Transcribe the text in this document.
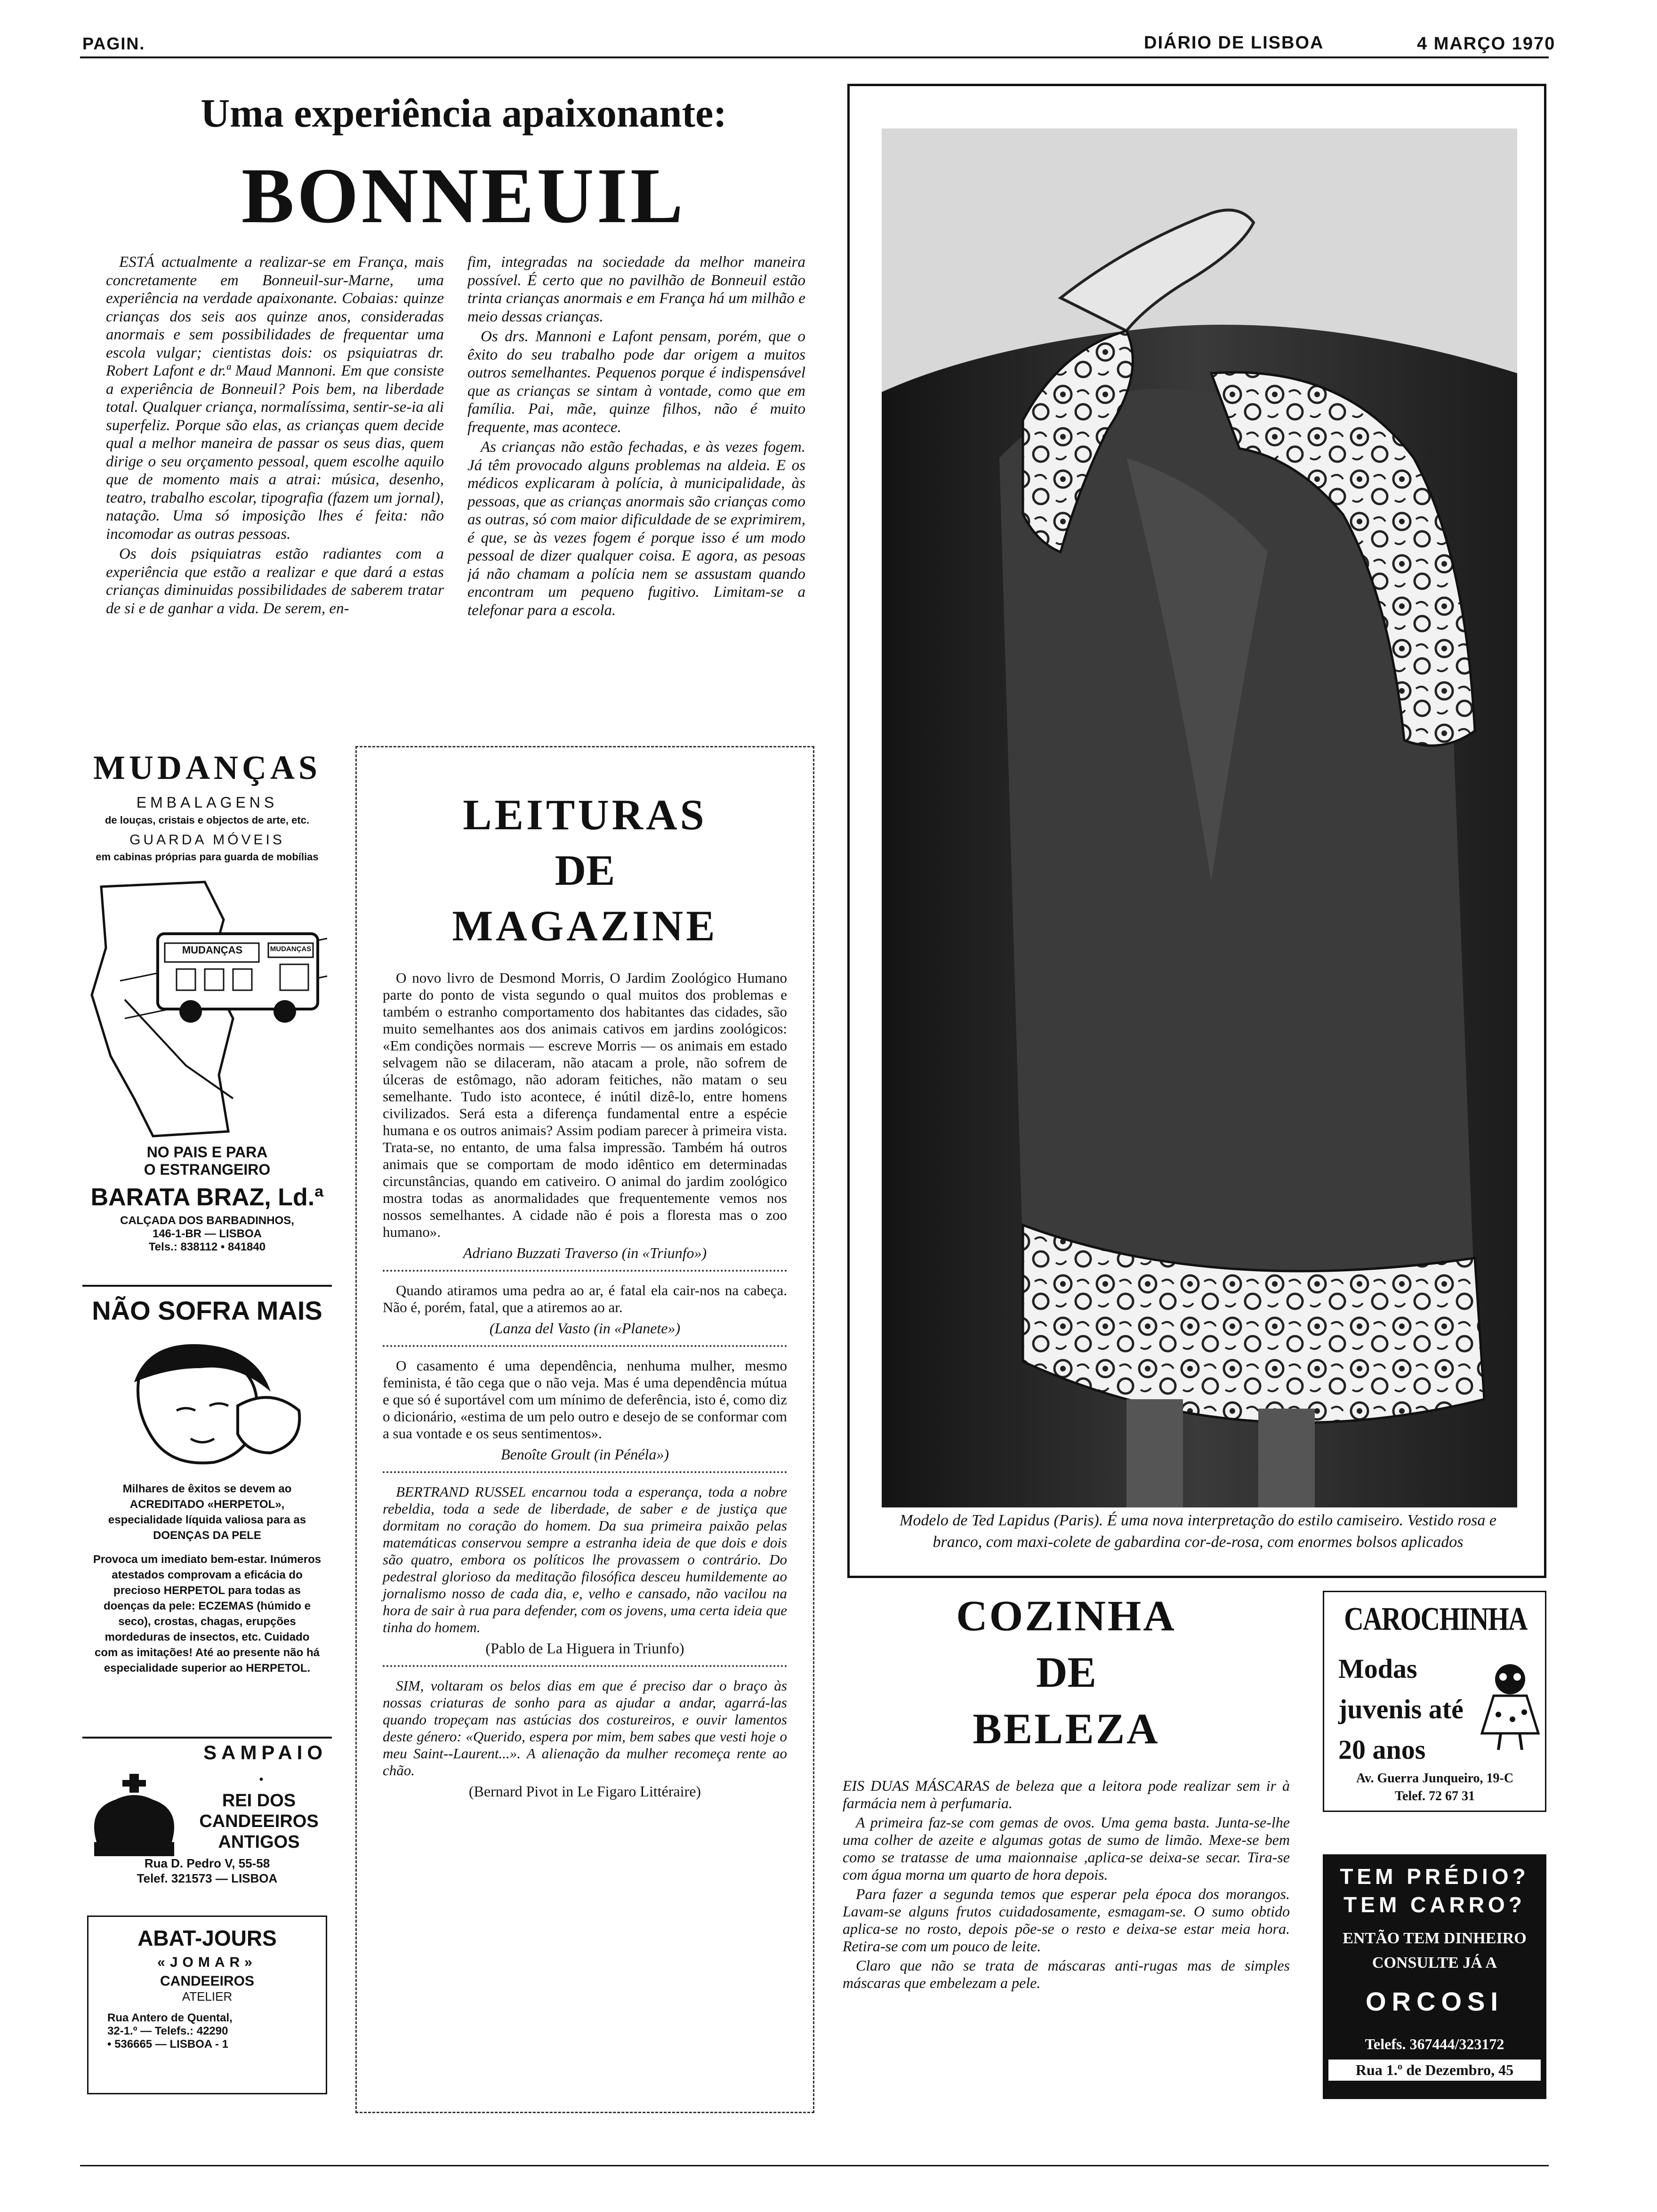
PAGIN.	DIÁRIO DE LISBOA	4 MARÇO 1970
Uma experiência apaixonante:
BONNEUIL

ESTÁ actualmente a realizar-se em França, mais concretamente em Bonneuil-sur-Marne, uma experiência na verdade apaixonante. Cobaias: quinze crianças dos seis aos quinze anos, consideradas anormais e sem possibilidades de frequentar uma escola vulgar; cientistas dois: os psiquiatras dr. Robert Lafont e dr.ª Maud Mannoni. Em que consiste a experiência de Bonneuil? Pois bem, na liberdade total. Qualquer criança, normalíssima, sentir-se-ia ali superfeliz. Porque são elas, as crianças quem decide qual a melhor maneira de passar os seus dias, quem dirige o seu orçamento pessoal, quem escolhe aquilo que de momento mais a atrai: música, desenho, teatro, trabalho escolar, tipografia (fazem um jornal), natação. Uma só imposição lhes é feita: não incomodar as outras pessoas.

Os dois psiquiatras estão radiantes com a experiência que estão a realizar e que dará a estas crianças diminuidas possibilidades de saberem tratar de si e de ganhar a vida. De serem, en-

fim, integradas na sociedade da melhor maneira possível. É certo que no pavilhão de Bonneuil estão trinta crianças anormais e em França há um milhão e meio dessas crianças.

Os drs. Mannoni e Lafont pensam, porém, que o êxito do seu trabalho pode dar origem a muitos outros semelhantes. Pequenos porque é indispensável que as crianças se sintam à vontade, como que em família. Pai, mãe, quinze filhos, não é muito frequente, mas acontece.

As crianças não estão fechadas, e às vezes fogem. Já têm provocado alguns problemas na aldeia. E os médicos explicaram à polícia, à municipalidade, às pessoas, que as crianças anormais são crianças como as outras, só com maior dificuldade de se exprimirem, é que, se às vezes fogem é porque isso é um modo pessoal de dizer qualquer coisa. E agora, as pesoas já não chamam a polícia nem se assustam quando encontram um pequeno fugitivo. Limitam-se a telefonar para a escola.

Modelo de Ted Lapidus (Paris). É uma nova interpretação do estilo camiseiro. Vestido rosa e branco, com maxi-colete de gabardina cor-de-rosa, com enormes bolsos aplicados
MUDANÇAS
EMBALAGENS
de louças, cristais e objectos de arte, etc.
GUARDA MÓVEIS
em cabinas próprias para guarda de mobílias
MUDANÇAS	MUDANÇAS
NO PAIS E PARA
O ESTRANGEIRO
BARATA BRAZ, Ld.ª
CALÇADA DOS BARBADINHOS,
146-1-BR — LISBOA
Tels.: 838112 • 841840
NÃO SOFRA MAIS
Milhares de êxitos se devem ao ACREDITADO «HERPETOL», especialidade líquida valiosa para as DOENÇAS DA PELE
Provoca um imediato bem-estar. Inúmeros atestados comprovam a eficácia do precioso HERPETOL para todas as doenças da pele: ECZEMAS (húmido e seco), crostas, chagas, erupções mordeduras de insectos, etc. Cuidado com as imitações! Até ao presente não há especialidade superior ao HERPETOL.
SAMPAIO
●
REI DOS
CANDEEIROS
ANTIGOS
Rua D. Pedro V, 55-58
Telef. 321573 — LISBOA
ABAT-JOURS
«JOMAR»
CANDEEIROS
ATELIER
Rua Antero de Quental,
32-1.º — Telefs.: 42290
• 536665 — LISBOA - 1
LEITURAS
DE
MAGAZINE

O novo livro de Desmond Morris, O Jardim Zoológico Humano parte do ponto de vista segundo o qual muitos dos problemas e também o estranho comportamento dos habitantes das cidades, são muito semelhantes aos dos animais cativos em jardins zoológicos: «Em condições normais — escreve Morris — os animais em estado selvagem não se dilaceram, não atacam a prole, não sofrem de úlceras de estômago, não adoram feitiches, não matam o seu semelhante. Tudo isto acontece, é inútil dizê-lo, entre homens civilizados. Será esta a diferença fundamental entre a espécie humana e os outros animais? Assim podiam parecer à primeira vista. Trata-se, no entanto, de uma falsa impressão. Também há outros animais que se comportam de modo idêntico em determinadas circunstâncias, quando em cativeiro. O animal do jardim zoológico mostra todas as anormalidades que frequentemente vemos nos nossos semelhantes. A cidade não é pois a floresta mas o zoo humano».

Adriano Buzzati Traverso (in «Triunfo»)

Quando atiramos uma pedra ao ar, é fatal ela cair-nos na cabeça. Não é, porém, fatal, que a atiremos ao ar.

(Lanza del Vasto (in «Planete»)

O casamento é uma dependência, nenhuma mulher, mesmo feminista, é tão cega que o não veja. Mas é uma dependência mútua e que só é suportável com um mínimo de deferência, isto é, como diz o dicionário, «estima de um pelo outro e desejo de se conformar com a sua vontade e os seus sentimentos».

Benoîte Groult (in Pénéla»)

BERTRAND RUSSEL encarnou toda a esperança, toda a nobre rebeldia, toda a sede de liberdade, de saber e de justiça que dormitam no coração do homem. Da sua primeira paixão pelas matemáticas conservou sempre a estranha ideia de que dois e dois são quatro, embora os políticos lhe provassem o contrário. Do pedestral glorioso da meditação filosófica desceu humildemente ao jornalismo nosso de cada dia, e, velho e cansado, não vacilou na hora de sair à rua para defender, com os jovens, uma certa ideia que tinha do homem.

(Pablo de La Higuera in Triunfo)

SIM, voltaram os belos dias em que é preciso dar o braço às nossas criaturas de sonho para as ajudar a andar, agarrá-las quando tropeçam nas astúcias dos costureiros, e ouvir lamentos deste género: «Querido, espera por mim, bem sabes que vesti hoje o meu Saint--Laurent...». A alienação da mulher recomeça rente ao chão.

(Bernard Pivot in Le Figaro Littéraire)
COZINHA
DE
BELEZA

EIS DUAS MÁSCARAS de beleza que a leitora pode realizar sem ir à farmácia nem à perfumaria.

A primeira faz-se com gemas de ovos. Uma gema basta. Junta-se-lhe uma colher de azeite e algumas gotas de sumo de limão. Mexe-se bem como se tratasse de uma maionnaise ,aplica-se deixa-se secar. Tira-se com água morna um quarto de hora depois.

Para fazer a segunda temos que esperar pela época dos morangos. Lavam-se alguns frutos cuidadosamente, esmagam-se. O sumo obtido aplica-se no rosto, depois põe-se o resto e deixa-se estar meia hora. Retira-se com um pouco de leite.

Claro que não se trata de máscaras anti-rugas mas de simples máscaras que embelezam a pele.

CAROCHINHA
Modas
juvenis até
20 anos
Av. Guerra Junqueiro, 19-C
Telef. 72 67 31
TEM PRÉDIO?
TEM CARRO?
ENTÃO TEM DINHEIRO
CONSULTE JÁ A
ORCOSI
Telefs. 367444/323172
Rua 1.º de Dezembro, 45
